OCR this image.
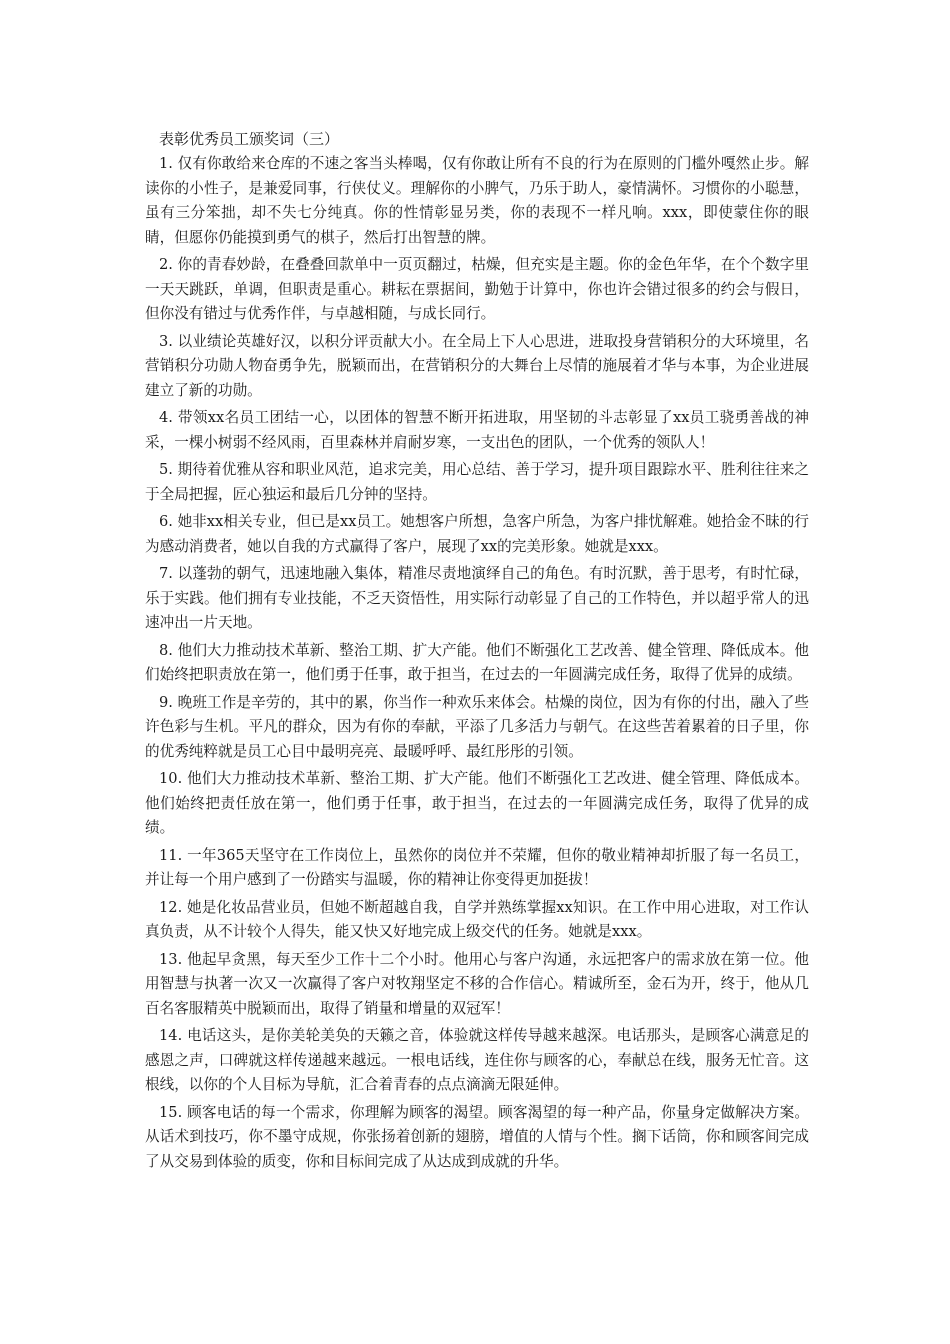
表彰优秀员工颁奖词（三）

1. 仅有你敢给来仓库的不速之客当头棒喝，仅有你敢让所有不良的行为在原则的门槛外嘎然止步。解读你的小性子，是兼爱同事，行侠仗义。理解你的小脾气，乃乐于助人，豪情满怀。习惯你的小聪慧，虽有三分笨拙，却不失七分纯真。你的性情彰显另类，你的表现不一样凡响。xxx，即使蒙住你的眼睛，但愿你仍能摸到勇气的棋子，然后打出智慧的牌。

2. 你的青春妙龄，在叠叠回款单中一页页翻过，枯燥，但充实是主题。你的金色年华，在个个数字里一天天跳跃，单调，但职责是重心。耕耘在票据间，勤勉于计算中，你也许会错过很多的约会与假日，但你没有错过与优秀作伴，与卓越相随，与成长同行。

3. 以业绩论英雄好汉，以积分评贡献大小。在全局上下人心思进，进取投身营销积分的大环境里，名营销积分功勋人物奋勇争先，脱颖而出，在营销积分的大舞台上尽情的施展着才华与本事，为企业进展建立了新的功勋。

4. 带领xx名员工团结一心，以团体的智慧不断开拓进取，用坚韧的斗志彰显了xx员工骁勇善战的神采，一棵小树弱不经风雨，百里森林并肩耐岁寒，一支出色的团队，一个优秀的领队人！

5. 期待着优雅从容和职业风范，追求完美，用心总结、善于学习，提升项目跟踪水平、胜利往往来之于全局把握，匠心独运和最后几分钟的坚持。

6. 她非xx相关专业，但已是xx员工。她想客户所想，急客户所急，为客户排忧解难。她拾金不昧的行为感动消费者，她以自我的方式赢得了客户，展现了xx的完美形象。她就是xxx。

7. 以蓬勃的朝气，迅速地融入集体，精准尽责地演绎自己的角色。有时沉默，善于思考，有时忙碌，乐于实践。他们拥有专业技能，不乏天资悟性，用实际行动彰显了自己的工作特色，并以超乎常人的迅速冲出一片天地。

8. 他们大力推动技术革新、整治工期、扩大产能。他们不断强化工艺改善、健全管理、降低成本。他们始终把职责放在第一，他们勇于任事，敢于担当，在过去的一年圆满完成任务，取得了优异的成绩。

9. 晚班工作是辛劳的，其中的累，你当作一种欢乐来体会。枯燥的岗位，因为有你的付出，融入了些许色彩与生机。平凡的群众，因为有你的奉献，平添了几多活力与朝气。在这些苦着累着的日子里，你的优秀纯粹就是员工心目中最明亮亮、最暖呼呼、最红彤彤的引领。

10. 他们大力推动技术革新、整治工期、扩大产能。他们不断强化工艺改进、健全管理、降低成本。他们始终把责任放在第一，他们勇于任事，敢于担当，在过去的一年圆满完成任务，取得了优异的成绩。

11. 一年365天坚守在工作岗位上，虽然你的岗位并不荣耀，但你的敬业精神却折服了每一名员工，并让每一个用户感到了一份踏实与温暖，你的精神让你变得更加挺拔！

12. 她是化妆品营业员，但她不断超越自我，自学并熟练掌握xx知识。在工作中用心进取，对工作认真负责，从不计较个人得失，能又快又好地完成上级交代的任务。她就是xxx。

13. 他起早贪黑，每天至少工作十二个小时。他用心与客户沟通，永远把客户的需求放在第一位。他用智慧与执著一次又一次赢得了客户对牧翔坚定不移的合作信心。精诚所至，金石为开，终于，他从几百名客服精英中脱颖而出，取得了销量和增量的双冠军！

14. 电话这头，是你美轮美奂的天籁之音，体验就这样传导越来越深。电话那头，是顾客心满意足的感恩之声，口碑就这样传递越来越远。一根电话线，连住你与顾客的心，奉献总在线，服务无忙音。这根线，以你的个人目标为导航，汇合着青春的点点滴滴无限延伸。

15. 顾客电话的每一个需求，你理解为顾客的渴望。顾客渴望的每一种产品，你量身定做解决方案。从话术到技巧，你不墨守成规，你张扬着创新的翅膀，增值的人情与个性。搁下话筒，你和顾客间完成了从交易到体验的质变，你和目标间完成了从达成到成就的升华。
